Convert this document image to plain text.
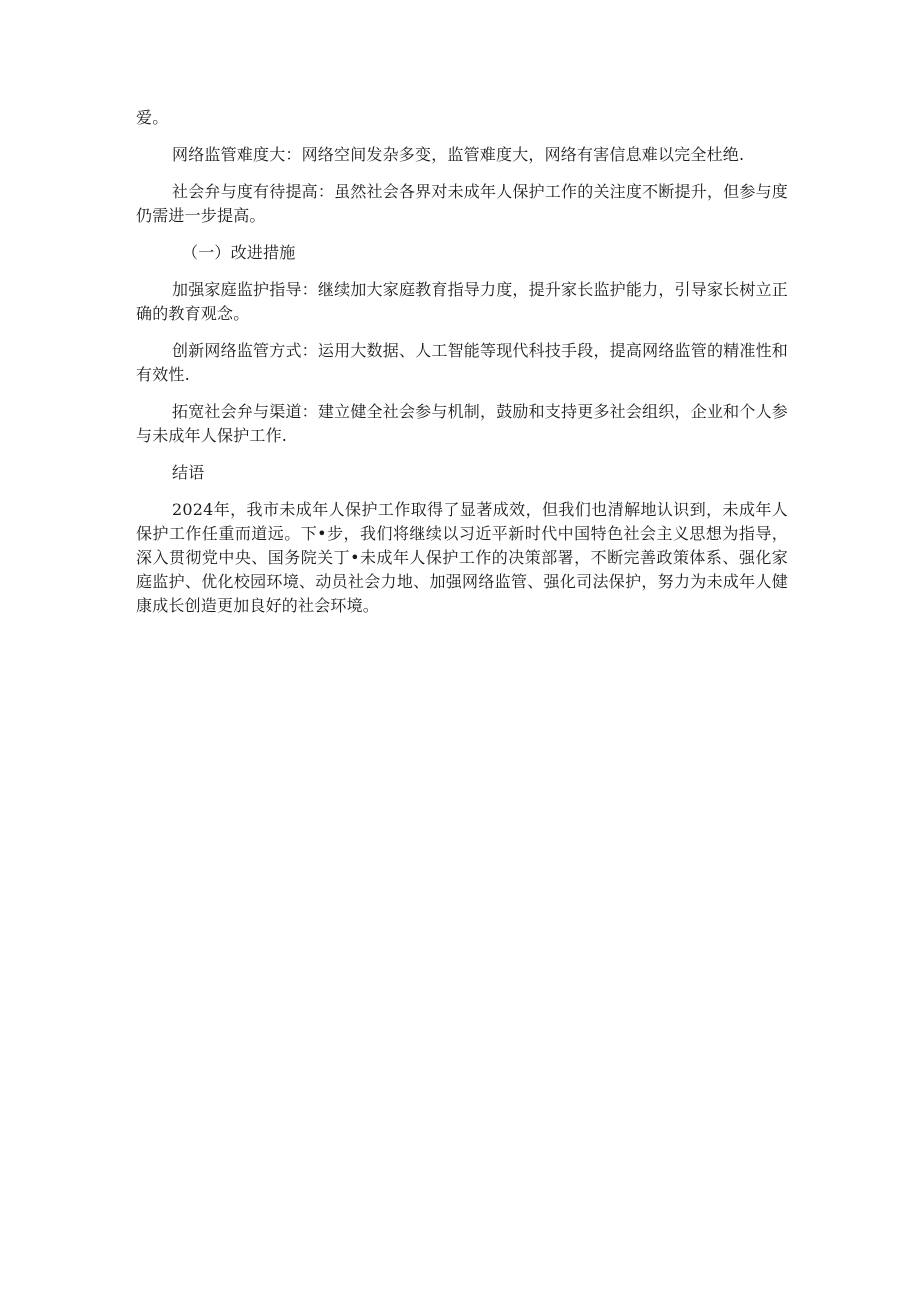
爱。

网络监管难度大：网络空间发杂多变，监管难度大，网络有害信息难以完全杜绝.

社会弁与度有待提高：虽然社会各界对未成年人保护工作的关注度不断提升，但参与度仍需进一步提高。

（一）改进措施

加强家庭监护指导：继续加大家庭教育指导力度，提升家长监护能力，引导家长树立正确的教育观念。

创新网络监管方式：运用大数据、人工智能等现代科技手段，提高网络监管的精准性和有效性.

拓宽社会弁与渠道：建立健全社会参与机制，鼓励和支持更多社会组织，企业和个人参与未成年人保护工作.

结语

2024年，我市未成年人保护工作取得了显著成效，但我们也清解地认识到，未成年人保护工作任重而道远。下•步，我们将继续以习近平新时代中国特色社会主义思想为指导，深入贯彻党中央、国务院关丁•未成年人保护工作的决策部署，不断完善政策体系、强化家庭监护、优化校园环境、动员社会力地、加强网络监管、强化司法保护，努力为未成年人健康成长创造更加良好的社会环境。
